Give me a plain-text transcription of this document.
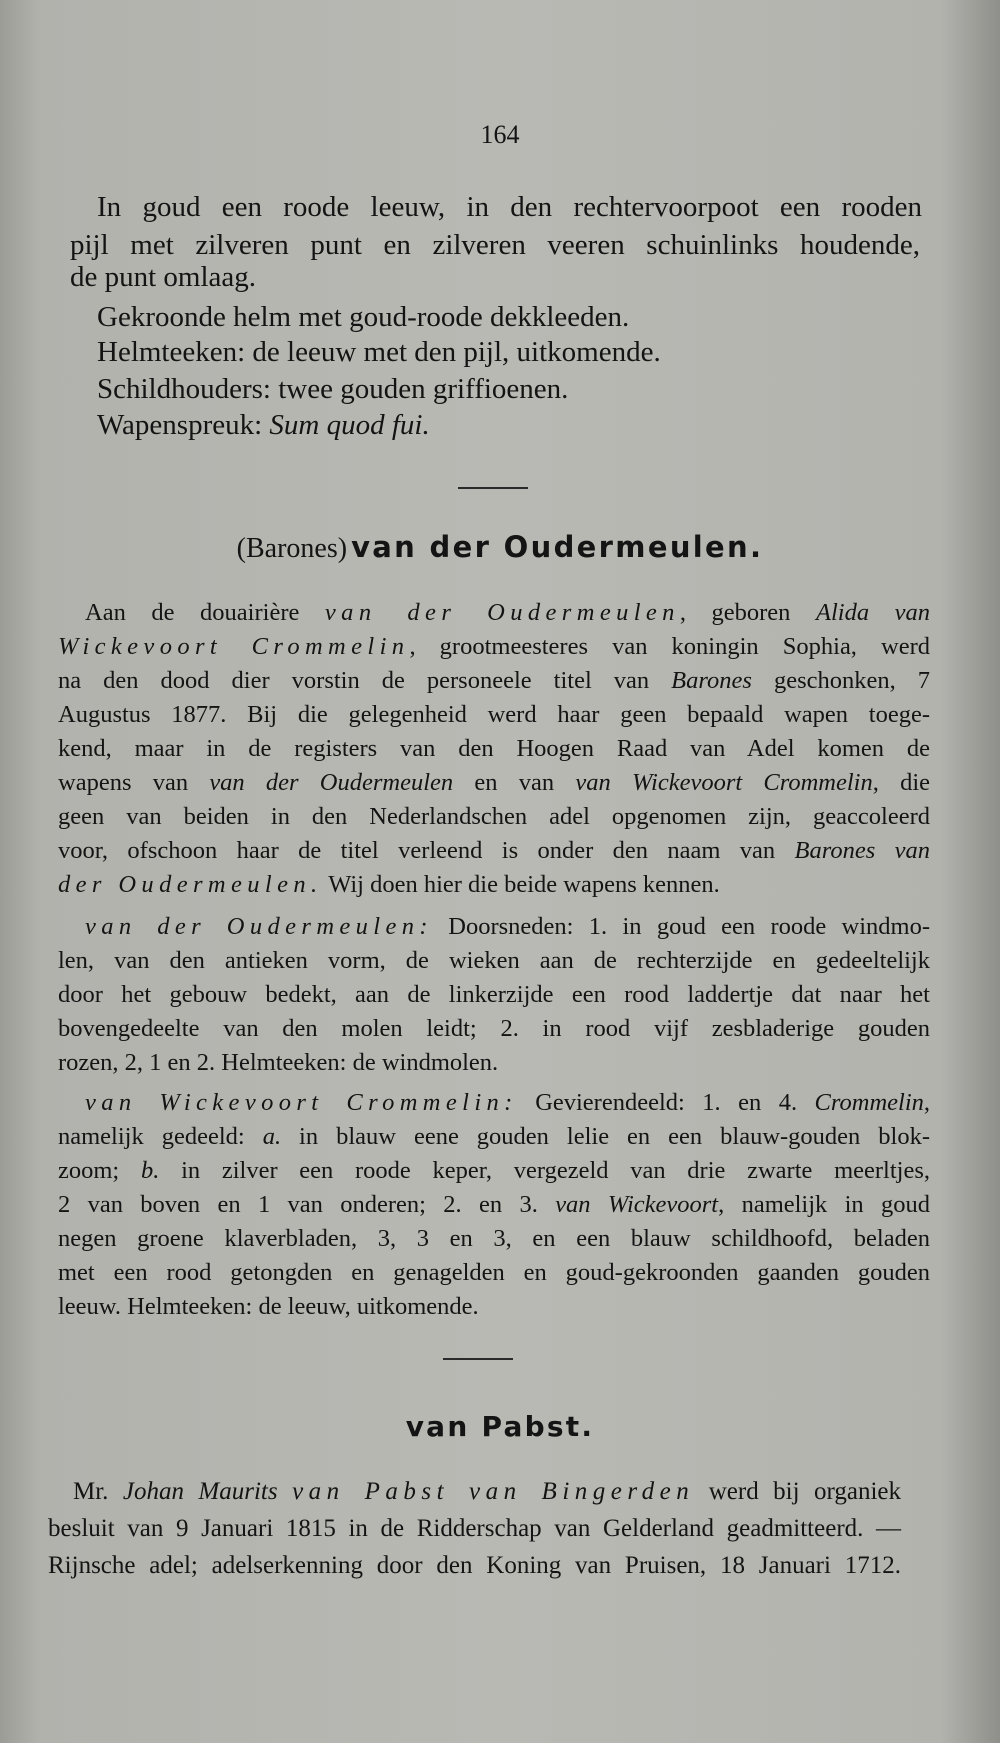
164
In goud een roode leeuw, in den rechtervoorpoot een rooden
pijl met zilveren punt en zilveren veeren schuinlinks houdende,
de punt omlaag.
Gekroonde helm met goud-roode dekkleeden.
Helmteeken: de leeuw met den pijl, uitkomende.
Schildhouders: twee gouden griffioenen.
Wapenspreuk: Sum quod fui.
(Barones) van der Oudermeulen.
Aan de douairière van der Oudermeulen, geboren Alida van
Wickevoort Crommelin, grootmeesteres van koningin Sophia, werd
na den dood dier vorstin de personeele titel van Barones geschonken, 7
Augustus 1877. Bij die gelegenheid werd haar geen bepaald wapen toege-
kend, maar in de registers van den Hoogen Raad van Adel komen de
wapens van van der Oudermeulen en van van Wickevoort Crommelin, die
geen van beiden in den Nederlandschen adel opgenomen zijn, geaccoleerd
voor, ofschoon haar de titel verleend is onder den naam van Barones van
der Oudermeulen. Wij doen hier die beide wapens kennen.
van der Oudermeulen: Doorsneden: 1. in goud een roode windmo-
len, van den antieken vorm, de wieken aan de rechterzijde en gedeeltelijk
door het gebouw bedekt, aan de linkerzijde een rood laddertje dat naar het
bovengedeelte van den molen leidt; 2. in rood vijf zesbladerige gouden
rozen, 2, 1 en 2. Helmteeken: de windmolen.
van Wickevoort Crommelin: Gevierendeeld: 1. en 4. Crommelin,
namelijk gedeeld: a. in blauw eene gouden lelie en een blauw-gouden blok-
zoom; b. in zilver een roode keper, vergezeld van drie zwarte meerltjes,
2 van boven en 1 van onderen; 2. en 3. van Wickevoort, namelijk in goud
negen groene klaverbladen, 3, 3 en 3, en een blauw schildhoofd, beladen
met een rood getongden en genagelden en goud-gekroonden gaanden gouden
leeuw. Helmteeken: de leeuw, uitkomende.
van Pabst.
Mr. Johan Maurits van Pabst van Bingerden werd bij organiek
besluit van 9 Januari 1815 in de Ridderschap van Gelderland geadmitteerd. —
Rijnsche adel; adelserkenning door den Koning van Pruisen, 18 Januari 1712.
